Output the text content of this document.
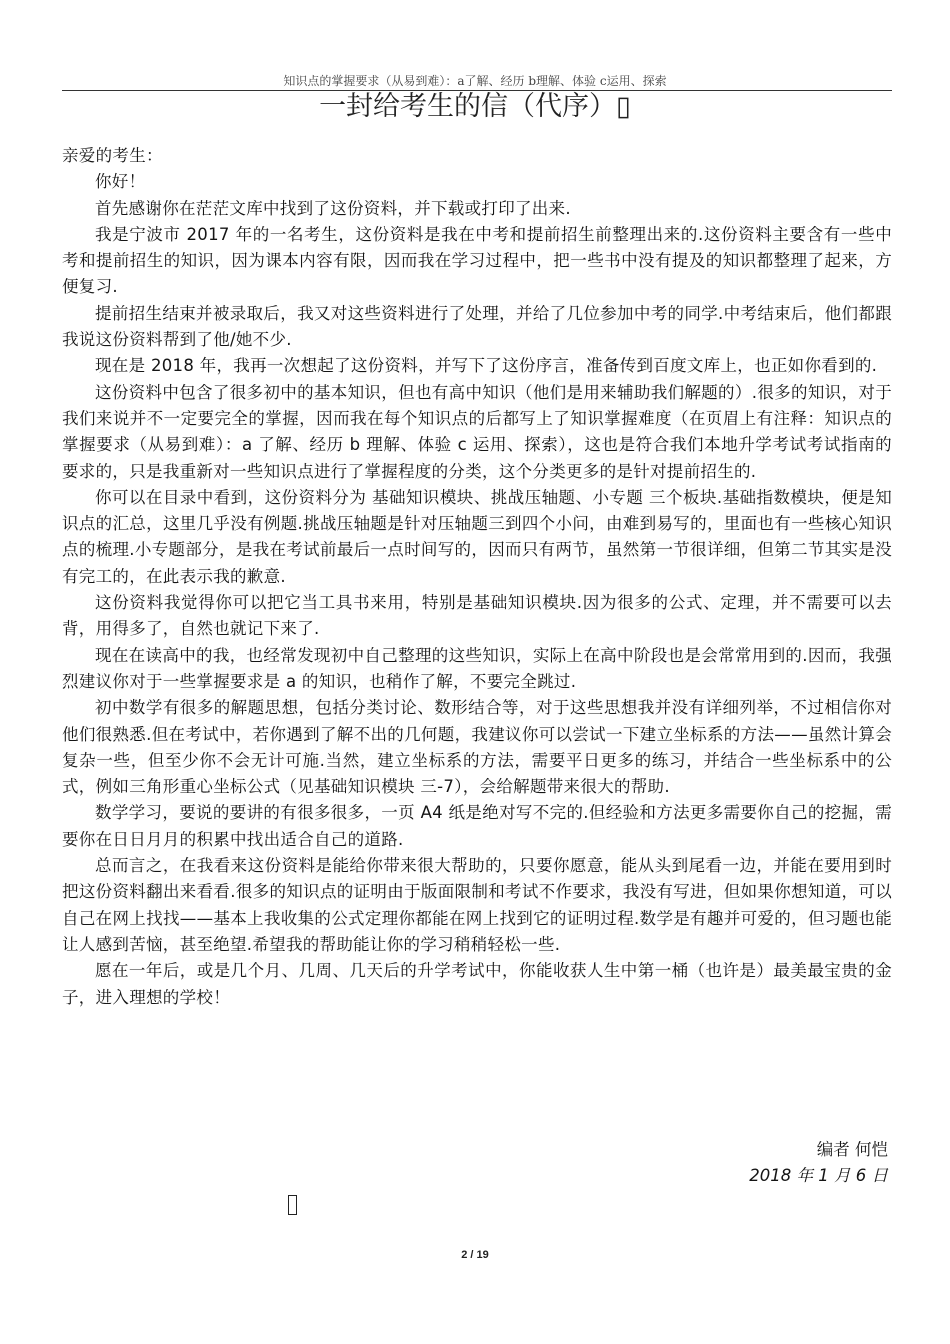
知识点的掌握要求（从易到难）：a了解、经历 b理解、体验 c运用、探索
一封给考生的信（代序）▯

亲爱的考生：

你好！

首先感谢你在茫茫文库中找到了这份资料，并下载或打印了出来.

我是宁波市 2017 年的一名考生，这份资料是我在中考和提前招生前整理出来的.这份资料主要含有一些中考和提前招生的知识，因为课本内容有限，因而我在学习过程中，把一些书中没有提及的知识都整理了起来，方便复习.

提前招生结束并被录取后，我又对这些资料进行了处理，并给了几位参加中考的同学.中考结束后，他们都跟我说这份资料帮到了他/她不少.

现在是 2018 年，我再一次想起了这份资料，并写下了这份序言，准备传到百度文库上，也正如你看到的.

这份资料中包含了很多初中的基本知识，但也有高中知识（他们是用来辅助我们解题的）.很多的知识，对于我们来说并不一定要完全的掌握，因而我在每个知识点的后都写上了知识掌握难度（在页眉上有注释：知识点的掌握要求（从易到难）：a 了解、经历 b 理解、体验 c 运用、探索），这也是符合我们本地升学考试考试指南的要求的，只是我重新对一些知识点进行了掌握程度的分类，这个分类更多的是针对提前招生的.

你可以在目录中看到，这份资料分为 基础知识模块、挑战压轴题、小专题 三个板块.基础指数模块，便是知识点的汇总，这里几乎没有例题.挑战压轴题是针对压轴题三到四个小问，由难到易写的，里面也有一些核心知识点的梳理.小专题部分，是我在考试前最后一点时间写的，因而只有两节，虽然第一节很详细，但第二节其实是没有完工的，在此表示我的歉意.

这份资料我觉得你可以把它当工具书来用，特别是基础知识模块.因为很多的公式、定理，并不需要可以去背，用得多了，自然也就记下来了.

现在在读高中的我，也经常发现初中自己整理的这些知识，实际上在高中阶段也是会常常用到的.因而，我强烈建议你对于一些掌握要求是 a 的知识，也稍作了解，不要完全跳过.

初中数学有很多的解题思想，包括分类讨论、数形结合等，对于这些思想我并没有详细列举，不过相信你对他们很熟悉.但在考试中，若你遇到了解不出的几何题，我建议你可以尝试一下建立坐标系的方法——虽然计算会复杂一些，但至少你不会无计可施.当然，建立坐标系的方法，需要平日更多的练习，并结合一些坐标系中的公式，例如三角形重心坐标公式（见基础知识模块 三-7），会给解题带来很大的帮助.

数学学习，要说的要讲的有很多很多，一页 A4 纸是绝对写不完的.但经验和方法更多需要你自己的挖掘，需要你在日日月月的积累中找出适合自己的道路.

总而言之，在我看来这份资料是能给你带来很大帮助的，只要你愿意，能从头到尾看一边，并能在要用到时把这份资料翻出来看看.很多的知识点的证明由于版面限制和考试不作要求，我没有写进，但如果你想知道，可以自己在网上找找——基本上我收集的公式定理你都能在网上找到它的证明过程.数学是有趣并可爱的，但习题也能让人感到苦恼，甚至绝望.希望我的帮助能让你的学习稍稍轻松一些.

愿在一年后，或是几个月、几周、几天后的升学考试中，你能收获人生中第一桶（也许是）最美最宝贵的金子，进入理想的学校！

编者 何恺
2018 年 1 月 6 日
2 / 19
